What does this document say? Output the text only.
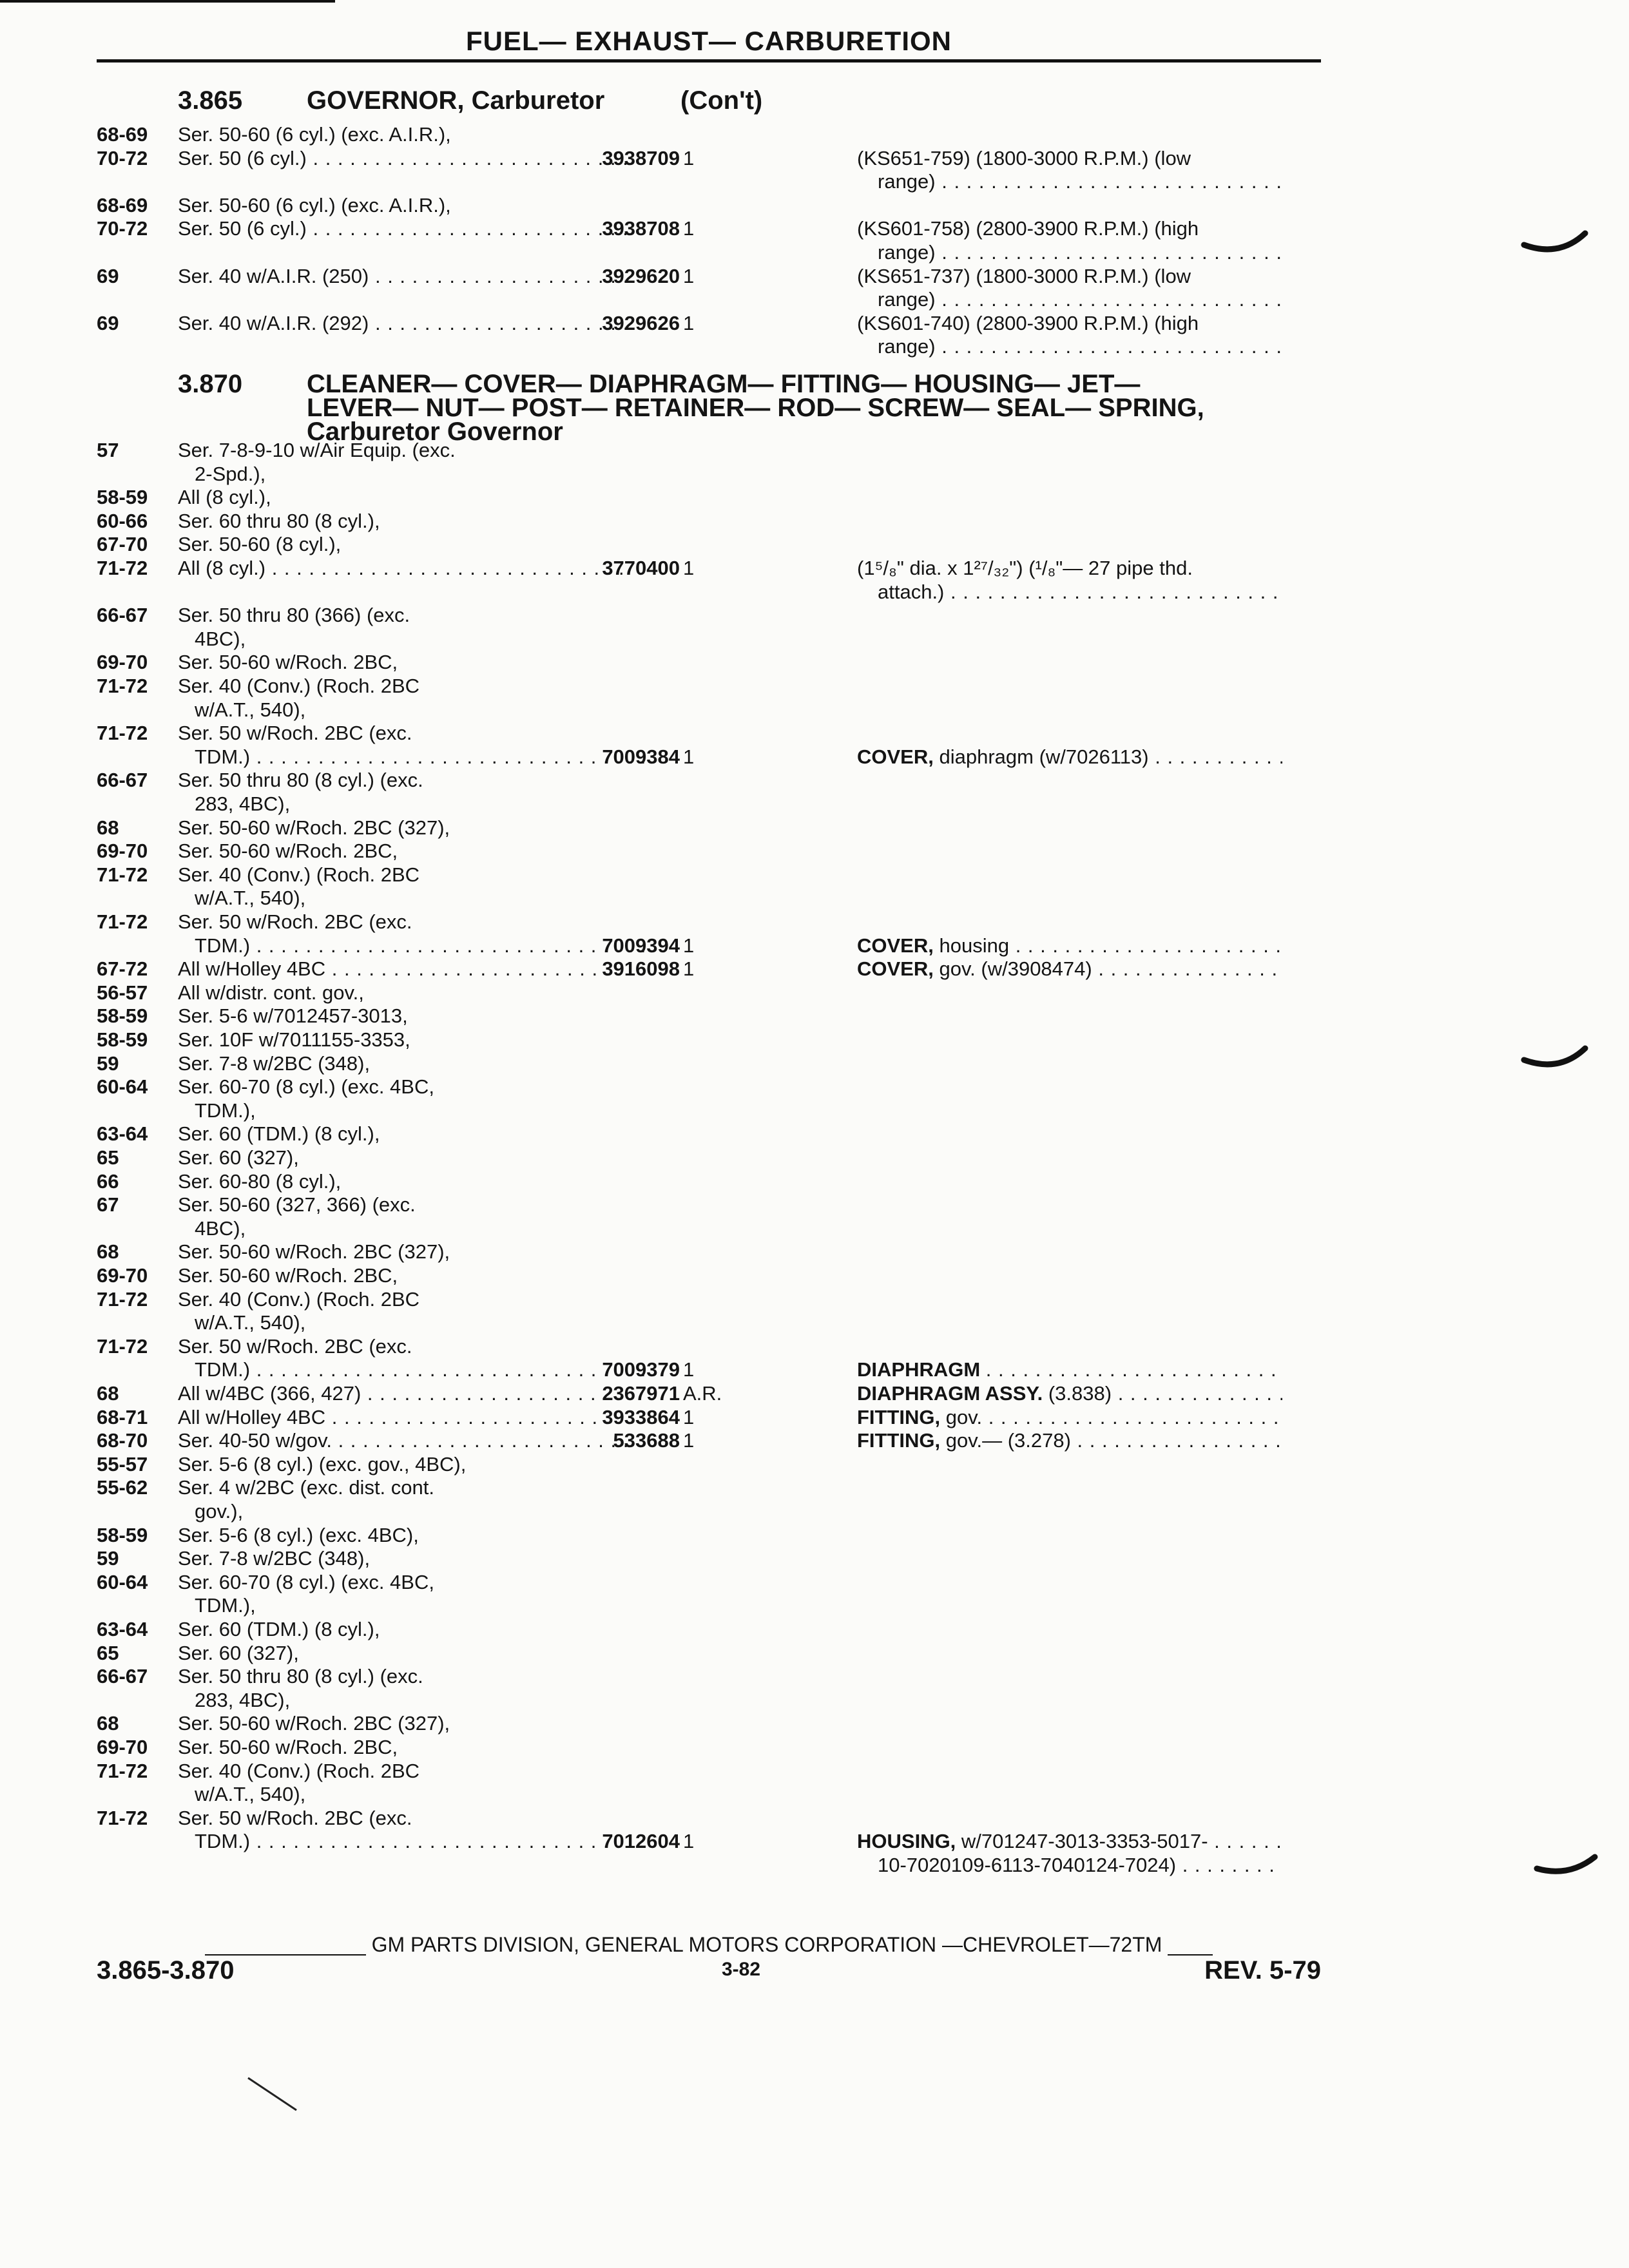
FUEL— EXHAUST— CARBURETION
3.865 GOVERNOR, Carburetor	(Con't)
3.870 CLEANER— COVER— DIAPHRAGM— FITTING— HOUSING— JET—
LEVER— NUT— POST— RETAINER— ROD— SCREW— SEAL— SPRING,
Carburetor Governor
68-69	Ser. 50-60 (6 cyl.) (exc. A.I.R.),
70-72	Ser. 50 (6 cyl.) . . .	3938709 1	(KS651-759) (1800-3000 R.P.M.) (low
range) . . .
68-69	Ser. 50-60 (6 cyl.) (exc. A.I.R.),
70-72	Ser. 50 (6 cyl.) . . .	3938708 1	(KS601-758) (2800-3900 R.P.M.) (high
range) . . .
69	Ser. 40 w/A.I.R. (250) . . .	3929620 1	(KS651-737) (1800-3000 R.P.M.) (low
range) . . .
69	Ser. 40 w/A.I.R. (292) . . .	3929626 1	(KS601-740) (2800-3900 R.P.M.) (high
range) . . .
57	Ser. 7-8-9-10 w/Air Equip. (exc.
2-Spd.),
58-59	All (8 cyl.),
60-66	Ser. 60 thru 80 (8 cyl.),
67-70	Ser. 50-60 (8 cyl.),
71-72	All (8 cyl.) . . .	3770400 1	(1⁵/₈" dia. x 1²⁷/₃₂") (¹/₈"— 27 pipe thd.
attach.) . . .
66-67	Ser. 50 thru 80 (366) (exc.
4BC),
69-70	Ser. 50-60 w/Roch. 2BC,
71-72	Ser. 40 (Conv.) (Roch. 2BC
w/A.T., 540),
71-72	Ser. 50 w/Roch. 2BC (exc.
TDM.) . . .	7009384 1	COVER, diaphragm (w/7026113) . . .
66-67	Ser. 50 thru 80 (8 cyl.) (exc.
283, 4BC),
68	Ser. 50-60 w/Roch. 2BC (327),
69-70	Ser. 50-60 w/Roch. 2BC,
71-72	Ser. 40 (Conv.) (Roch. 2BC
w/A.T., 540),
71-72	Ser. 50 w/Roch. 2BC (exc.
TDM.) . . .	7009394 1	COVER, housing . . .
67-72	All w/Holley 4BC . . .	3916098 1	COVER, gov. (w/3908474) . . .
56-57	All w/distr. cont. gov.,
58-59	Ser. 5-6 w/7012457-3013,
58-59	Ser. 10F w/7011155-3353,
59	Ser. 7-8 w/2BC (348),
60-64	Ser. 60-70 (8 cyl.) (exc. 4BC,
TDM.),
63-64	Ser. 60 (TDM.) (8 cyl.),
65	Ser. 60 (327),
66	Ser. 60-80 (8 cyl.),
67	Ser. 50-60 (327, 366) (exc.
4BC),
68	Ser. 50-60 w/Roch. 2BC (327),
69-70	Ser. 50-60 w/Roch. 2BC,
71-72	Ser. 40 (Conv.) (Roch. 2BC
w/A.T., 540),
71-72	Ser. 50 w/Roch. 2BC (exc.
TDM.) . . .	7009379 1	DIAPHRAGM . . .
68	All w/4BC (366, 427) . . .	2367971 A.R.	DIAPHRAGM ASSY. (3.838) . . .
68-71	All w/Holley 4BC . . .	3933864 1	FITTING, gov. . . .
68-70	Ser. 40-50 w/gov. . . .	533688 1	FITTING, gov.— (3.278) . . .
55-57	Ser. 5-6 (8 cyl.) (exc. gov., 4BC),
55-62	Ser. 4 w/2BC (exc. dist. cont.
gov.),
58-59	Ser. 5-6 (8 cyl.) (exc. 4BC),
59	Ser. 7-8 w/2BC (348),
60-64	Ser. 60-70 (8 cyl.) (exc. 4BC,
TDM.),
63-64	Ser. 60 (TDM.) (8 cyl.),
65	Ser. 60 (327),
66-67	Ser. 50 thru 80 (8 cyl.) (exc.
283, 4BC),
68	Ser. 50-60 w/Roch. 2BC (327),
69-70	Ser. 50-60 w/Roch. 2BC,
71-72	Ser. 40 (Conv.) (Roch. 2BC
w/A.T., 540),
71-72	Ser. 50 w/Roch. 2BC (exc.
TDM.) . . .	7012604 1	HOUSING, w/701247-3013-3353-5017- . . .
10-7020109-6113-7040124-7024) . . .
GM PARTS DIVISION, GENERAL MOTORS CORPORATION —CHEVROLET—72TM
3.865-3.870	3-82	REV. 5-79
